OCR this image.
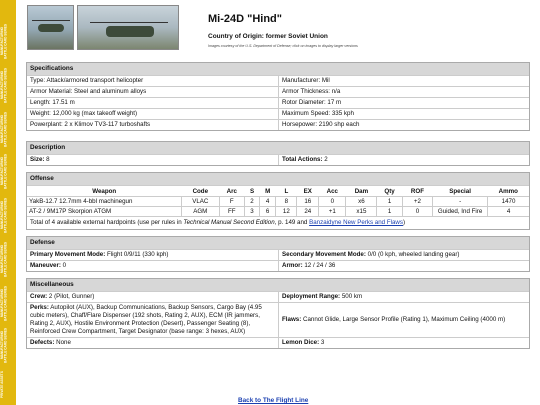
MANUFACTURING BATTLE CARD SERIES
MANUFACTURING BATTLE CARD SERIES
MANUFACTURING BATTLE CARD SERIES
MANUFACTURING BATTLE CARD SERIES
MANUFACTURING BATTLE CARD SERIES
MANUFACTURING BATTLE CARD SERIES
MANUFACTURING BATTLE CARD SERIES
MANUFACTURING BATTLE CARD SERIES
PRIVATE ASSETS
Mi-24D "Hind"
Country of Origin: former Soviet Union
Images courtesy of the U.S. Department of Defense; click on images to display larger versions
Specifications
Type: Attack/armored transport helicopter	Manufacturer: Mil
Armor Material: Steel and aluminum alloys	Armor Thickness: n/a
Length: 17.51 m	Rotor Diameter: 17 m
Weight: 12,000 kg (max takeoff weight)	Maximum Speed: 335 kph
Powerplant: 2 x Klimov TV3-117 turboshafts	Horsepower: 2190 shp each
Description
Size: 8	Total Actions: 2
Offense
Weapon	Code	Arc	S	M	L	EX	Acc	Dam	Qty	ROF	Special	Ammo
YakB-12.7 12.7mm 4-bbl machinegun	VLAC	F	2	4	8	16	0	x6	1	+2	-	1470
AT-2 / 9M17P Skorpion ATGM	AGM	FF	3	6	12	24	+1	x15	1	0	Guided, Ind Fire	4
Total of 4 available external hardpoints (use per rules in Technical Manual Second Edition, p. 149 and Banzaidyne New Perks and Flaws)
Defense
Primary Movement Mode: Flight 0/9/11 (330 kph)	Secondary Movement Mode: 0/0 (0 kph, wheeled landing gear)
Maneuver: 0	Armor: 12 / 24 / 36
Miscellaneous
Crew: 2 (Pilot, Gunner)	Deployment Range: 500 km
Perks: Autopilot (AUX), Backup Communications, Backup Sensors, Cargo Bay (4.95 cubic meters), Chaff/Flare Dispenser (192 shots, Rating 2, AUX), ECM (IR jammers, Rating 2, AUX), Hostile Environment Protection (Desert), Passenger Seating (8), Reinforced Crew Compartment, Target Designator (base range: 3 hexes, AUX)
Flaws: Cannot Glide, Large Sensor Profile (Rating 1), Maximum Ceiling (4000 m)
Defects: None	Lemon Dice: 3
Back to The Flight Line
